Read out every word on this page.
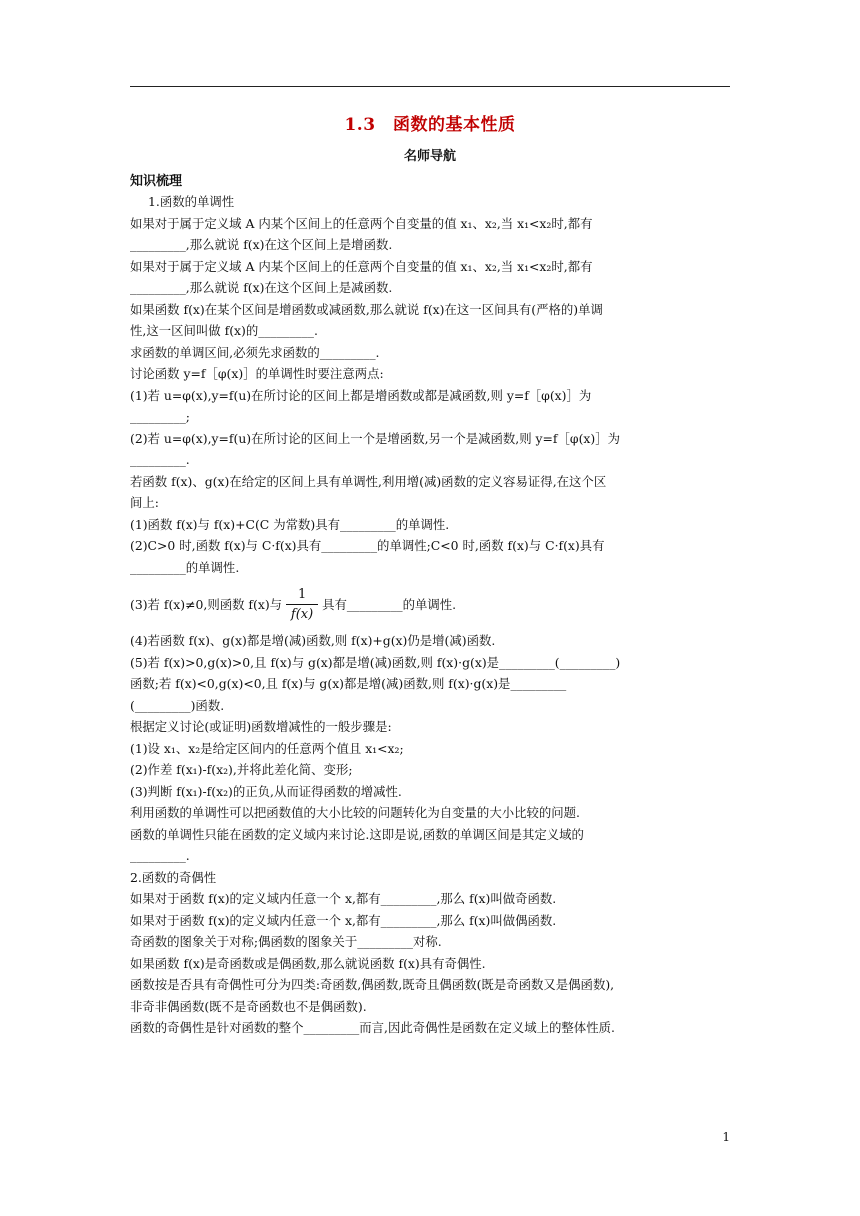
1.3　函数的基本性质
名师导航
知识梳理

1.函数的单调性

如果对于属于定义域 A 内某个区间上的任意两个自变量的值 x₁、x₂,当 x₁<x₂时,都有

_________,那么就说 f(x)在这个区间上是增函数.

如果对于属于定义域 A 内某个区间上的任意两个自变量的值 x₁、x₂,当 x₁<x₂时,都有

_________,那么就说 f(x)在这个区间上是减函数.

如果函数 f(x)在某个区间是增函数或减函数,那么就说 f(x)在这一区间具有(严格的)单调

性,这一区间叫做 f(x)的_________.

求函数的单调区间,必须先求函数的_________.

讨论函数 y=f［φ(x)］的单调性时要注意两点:

(1)若 u=φ(x),y=f(u)在所讨论的区间上都是增函数或都是减函数,则 y=f［φ(x)］为

_________;

(2)若 u=φ(x),y=f(u)在所讨论的区间上一个是增函数,另一个是减函数,则 y=f［φ(x)］为

_________.

若函数 f(x)、g(x)在给定的区间上具有单调性,利用增(减)函数的定义容易证得,在这个区

间上:

(1)函数 f(x)与 f(x)+C(C 为常数)具有_________的单调性.

(2)C>0 时,函数 f(x)与 C·f(x)具有_________的单调性;C<0 时,函数 f(x)与 C·f(x)具有

_________的单调性.

(3)若 f(x)≠0,则函数 f(x)与 $\frac{1}{f(x)}$ 具有_________的单调性.

(4)若函数 f(x)、g(x)都是增(减)函数,则 f(x)+g(x)仍是增(减)函数.

(5)若 f(x)>0,g(x)>0,且 f(x)与 g(x)都是增(减)函数,则 f(x)·g(x)是_________(_________)

函数;若 f(x)<0,g(x)<0,且 f(x)与 g(x)都是增(减)函数,则 f(x)·g(x)是_________

(_________)函数.

根据定义讨论(或证明)函数增减性的一般步骤是:

(1)设 x₁、x₂是给定区间内的任意两个值且 x₁<x₂;

(2)作差 f(x₁)-f(x₂),并将此差化简、变形;

(3)判断 f(x₁)-f(x₂)的正负,从而证得函数的增减性.

利用函数的单调性可以把函数值的大小比较的问题转化为自变量的大小比较的问题.

函数的单调性只能在函数的定义域内来讨论.这即是说,函数的单调区间是其定义域的

_________.

2.函数的奇偶性

如果对于函数 f(x)的定义域内任意一个 x,都有_________,那么 f(x)叫做奇函数.

如果对于函数 f(x)的定义域内任意一个 x,都有_________,那么 f(x)叫做偶函数.

奇函数的图象关于对称;偶函数的图象关于_________对称.

如果函数 f(x)是奇函数或是偶函数,那么就说函数 f(x)具有奇偶性.

函数按是否具有奇偶性可分为四类:奇函数,偶函数,既奇且偶函数(既是奇函数又是偶函数),

非奇非偶函数(既不是奇函数也不是偶函数).

函数的奇偶性是针对函数的整个_________而言,因此奇偶性是函数在定义域上的整体性质.

1
